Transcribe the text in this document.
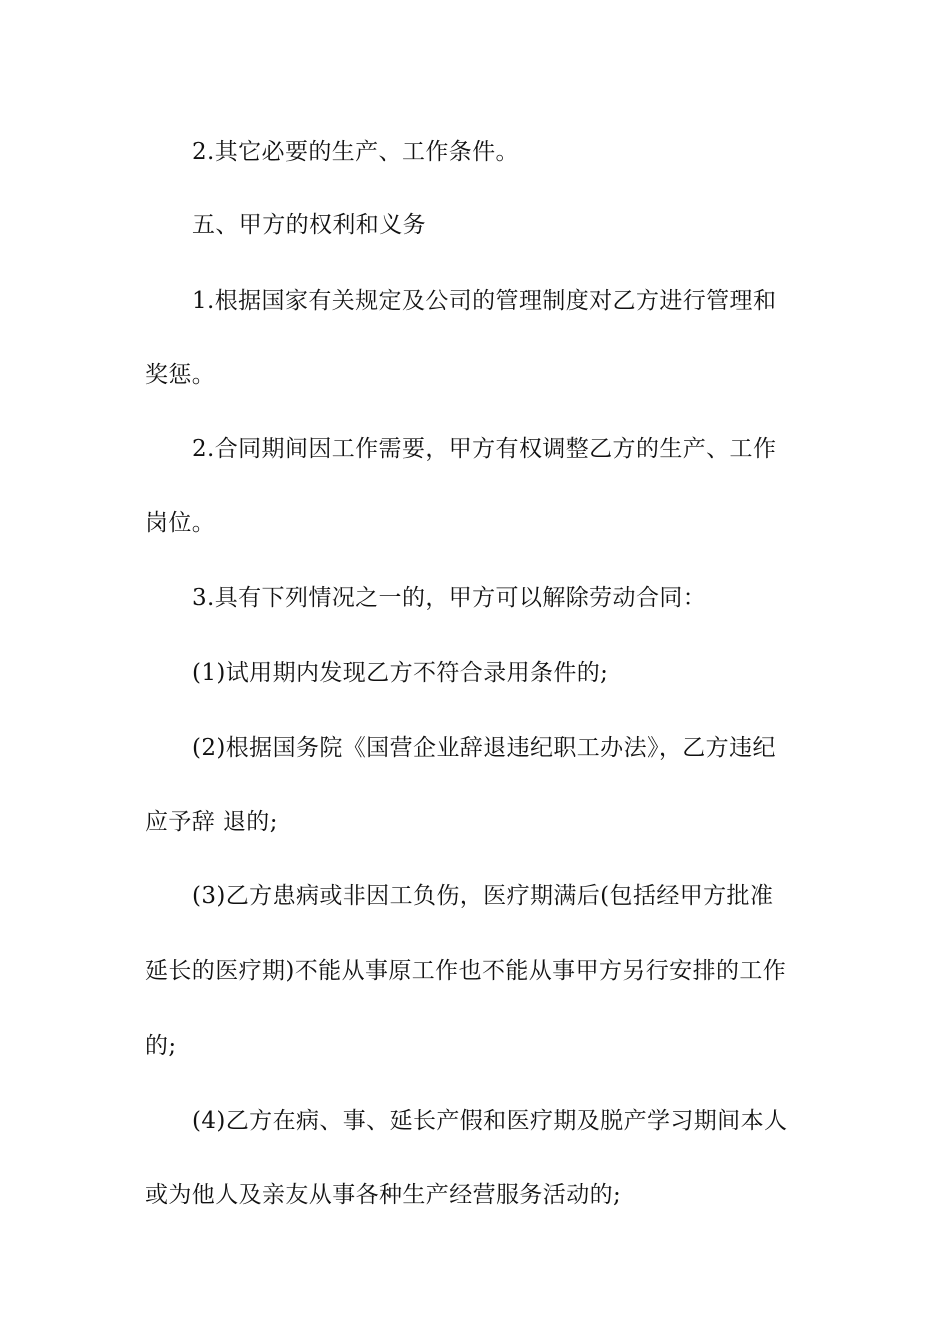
2.其它必要的生产、工作条件。
五、甲方的权利和义务
1.根据国家有关规定及公司的管理制度对乙方进行管理和
奖惩。
2.合同期间因工作需要，甲方有权调整乙方的生产、工作
岗位。
3.具有下列情况之一的，甲方可以解除劳动合同：
(1)试用期内发现乙方不符合录用条件的;
(2)根据国务院《国营企业辞退违纪职工办法》，乙方违纪
应予辞 退的;
(3)乙方患病或非因工负伤，医疗期满后(包括经甲方批准
延长的医疗期)不能从事原工作也不能从事甲方另行安排的工作
的;
(4)乙方在病、事、延长产假和医疗期及脱产学习期间本人
或为他人及亲友从事各种生产经营服务活动的;
